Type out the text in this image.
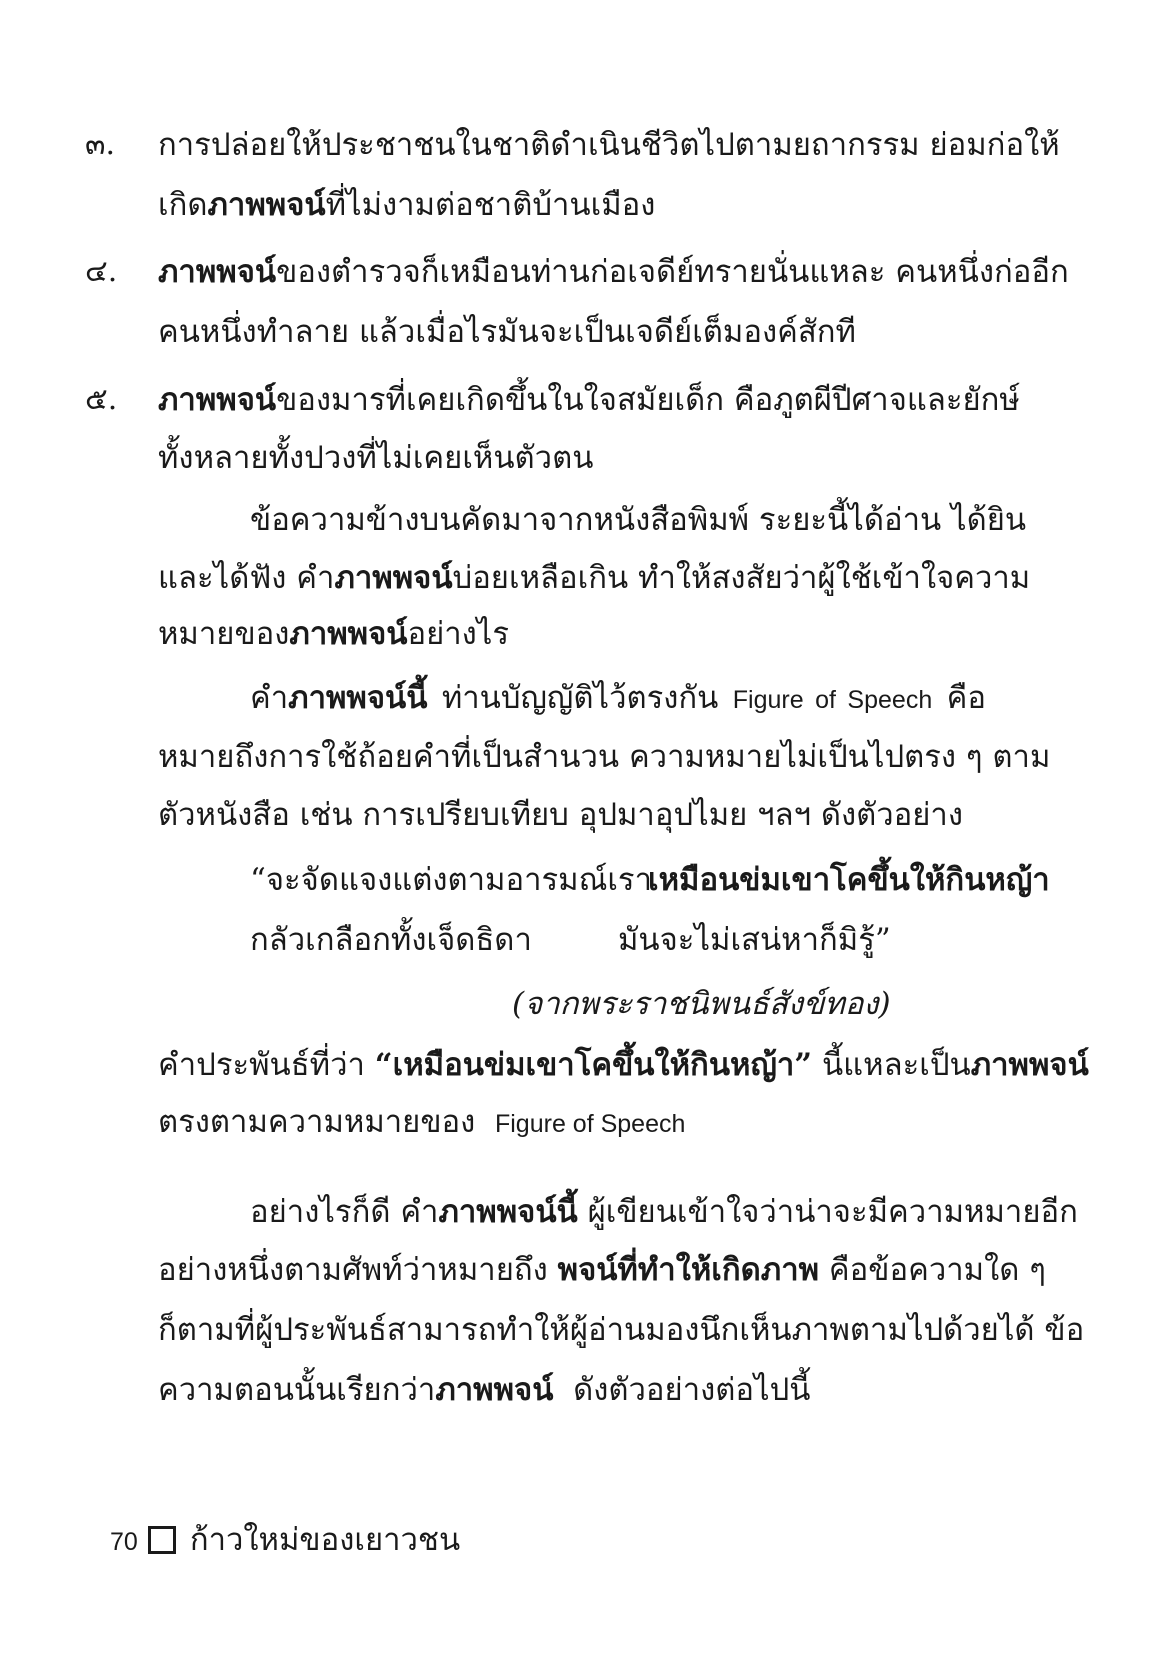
๓. การปล่อยให้ประชาชนในชาติดำเนินชีวิตไปตามยถากรรม ย่อมก่อให้
เกิดภาพพจน์ที่ไม่งามต่อชาติบ้านเมือง
๔. ภาพพจน์ของตำรวจก็เหมือนท่านก่อเจดีย์ทรายนั่นแหละ คนหนึ่งก่ออีก
คนหนึ่งทำลาย แล้วเมื่อไรมันจะเป็นเจดีย์เต็มองค์สักที
๕. ภาพพจน์ของมารที่เคยเกิดขึ้นในใจสมัยเด็ก คือภูตผีปีศาจและยักษ์
ทั้งหลายทั้งปวงที่ไม่เคยเห็นตัวตน
ข้อความข้างบนคัดมาจากหนังสือพิมพ์ ระยะนี้ได้อ่าน ได้ยิน
และได้ฟัง คำภาพพจน์บ่อยเหลือเกิน ทำให้สงสัยว่าผู้ใช้เข้าใจความ
หมายของภาพพจน์อย่างไร
คำภาพพจน์นี้ ท่านบัญญัติไว้ตรงกัน Figure of Speech คือ
หมายถึงการใช้ถ้อยคำที่เป็นสำนวน ความหมายไม่เป็นไปตรง ๆ ตาม
ตัวหนังสือ เช่น การเปรียบเทียบ อุปมาอุปไมย ฯลฯ ดังตัวอย่าง
“จะจัดแจงแต่งตามอารมณ์เรา
เหมือนข่มเขาโคขึ้นให้กินหญ้า
กลัวเกลือกทั้งเจ็ดธิดา	มันจะไม่เสน่หาก็มิรู้”
(จากพระราชนิพนธ์สังข์ทอง)
คำประพันธ์ที่ว่า “เหมือนข่มเขาโคขึ้นให้กินหญ้า” นี้แหละเป็นภาพพจน์
ตรงตามความหมายของ Figure of Speech
อย่างไรก็ดี คำภาพพจน์นี้ ผู้เขียนเข้าใจว่าน่าจะมีความหมายอีก
อย่างหนึ่งตามศัพท์ว่าหมายถึง พจน์ที่ทำให้เกิดภาพ คือข้อความใด ๆ
ก็ตามที่ผู้ประพันธ์สามารถทำให้ผู้อ่านมองนึกเห็นภาพตามไปด้วยได้ ข้อ
ความตอนนั้นเรียกว่าภาพพจน์ ดังตัวอย่างต่อไปนี้
70 ก้าวใหม่ของเยาวชน
